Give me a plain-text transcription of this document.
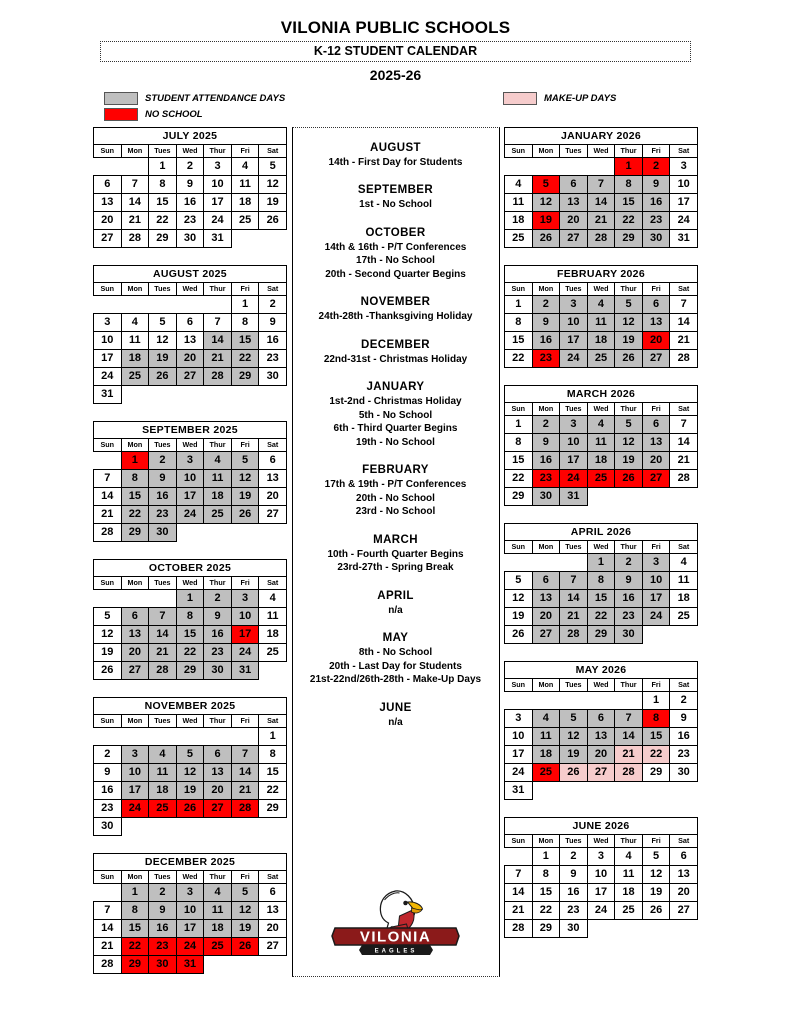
VILONIA PUBLIC SCHOOLS
K-12 STUDENT CALENDAR
2025-26
STUDENT ATTENDANCE DAYS
NO SCHOOL
MAKE-UP DAYS
JULY 2025						
Sun	Mon	Tues	Wed	Thur	Fri	Sat
		1	2	3	4	5
6	7	8	9	10	11	12
13	14	15	16	17	18	19
20	21	22	23	24	25	26
27	28	29	30	31		
AUGUST 2025						
Sun	Mon	Tues	Wed	Thur	Fri	Sat
					1	2
3	4	5	6	7	8	9
10	11	12	13	14	15	16
17	18	19	20	21	22	23
24	25	26	27	28	29	30
31						
SEPTEMBER 2025						
Sun	Mon	Tues	Wed	Thur	Fri	Sat
	1	2	3	4	5	6
7	8	9	10	11	12	13
14	15	16	17	18	19	20
21	22	23	24	25	26	27
28	29	30				
OCTOBER 2025						
Sun	Mon	Tues	Wed	Thur	Fri	Sat
			1	2	3	4
5	6	7	8	9	10	11
12	13	14	15	16	17	18
19	20	21	22	23	24	25
26	27	28	29	30	31	
NOVEMBER 2025						
Sun	Mon	Tues	Wed	Thur	Fri	Sat
						1
2	3	4	5	6	7	8
9	10	11	12	13	14	15
16	17	18	19	20	21	22
23	24	25	26	27	28	29
30						
DECEMBER 2025						
Sun	Mon	Tues	Wed	Thur	Fri	Sat
	1	2	3	4	5	6
7	8	9	10	11	12	13
14	15	16	17	18	19	20
21	22	23	24	25	26	27
28	29	30	31			
AUGUST
14th - First Day for Students
SEPTEMBER
1st - No School
OCTOBER
14th & 16th - P/T Conferences
17th - No School
20th - Second Quarter Begins
NOVEMBER
24th-28th -Thanksgiving Holiday
DECEMBER
22nd-31st - Christmas Holiday
JANUARY
1st-2nd - Christmas Holiday
5th - No School
6th - Third Quarter Begins
19th - No School
FEBRUARY
17th & 19th - P/T Conferences
20th - No School
23rd - No School
MARCH
10th - Fourth Quarter Begins
23rd-27th - Spring Break
APRIL
n/a
MAY
8th - No School
20th - Last Day for Students
21st-22nd/26th-28th - Make-Up Days
JUNE
n/a
VILONIA
EAGLES
JANUARY 2026						
Sun	Mon	Tues	Wed	Thur	Fri	Sat
				1	2	3
4	5	6	7	8	9	10
11	12	13	14	15	16	17
18	19	20	21	22	23	24
25	26	27	28	29	30	31
FEBRUARY 2026						
Sun	Mon	Tues	Wed	Thur	Fri	Sat
1	2	3	4	5	6	7
8	9	10	11	12	13	14
15	16	17	18	19	20	21
22	23	24	25	26	27	28
MARCH 2026						
Sun	Mon	Tues	Wed	Thur	Fri	Sat
1	2	3	4	5	6	7
8	9	10	11	12	13	14
15	16	17	18	19	20	21
22	23	24	25	26	27	28
29	30	31				
APRIL 2026						
Sun	Mon	Tues	Wed	Thur	Fri	Sat
			1	2	3	4
5	6	7	8	9	10	11
12	13	14	15	16	17	18
19	20	21	22	23	24	25
26	27	28	29	30		
MAY 2026						
Sun	Mon	Tues	Wed	Thur	Fri	Sat
					1	2
3	4	5	6	7	8	9
10	11	12	13	14	15	16
17	18	19	20	21	22	23
24	25	26	27	28	29	30
31						
JUNE 2026						
Sun	Mon	Tues	Wed	Thur	Fri	Sat
	1	2	3	4	5	6
7	8	9	10	11	12	13
14	15	16	17	18	19	20
21	22	23	24	25	26	27
28	29	30				
